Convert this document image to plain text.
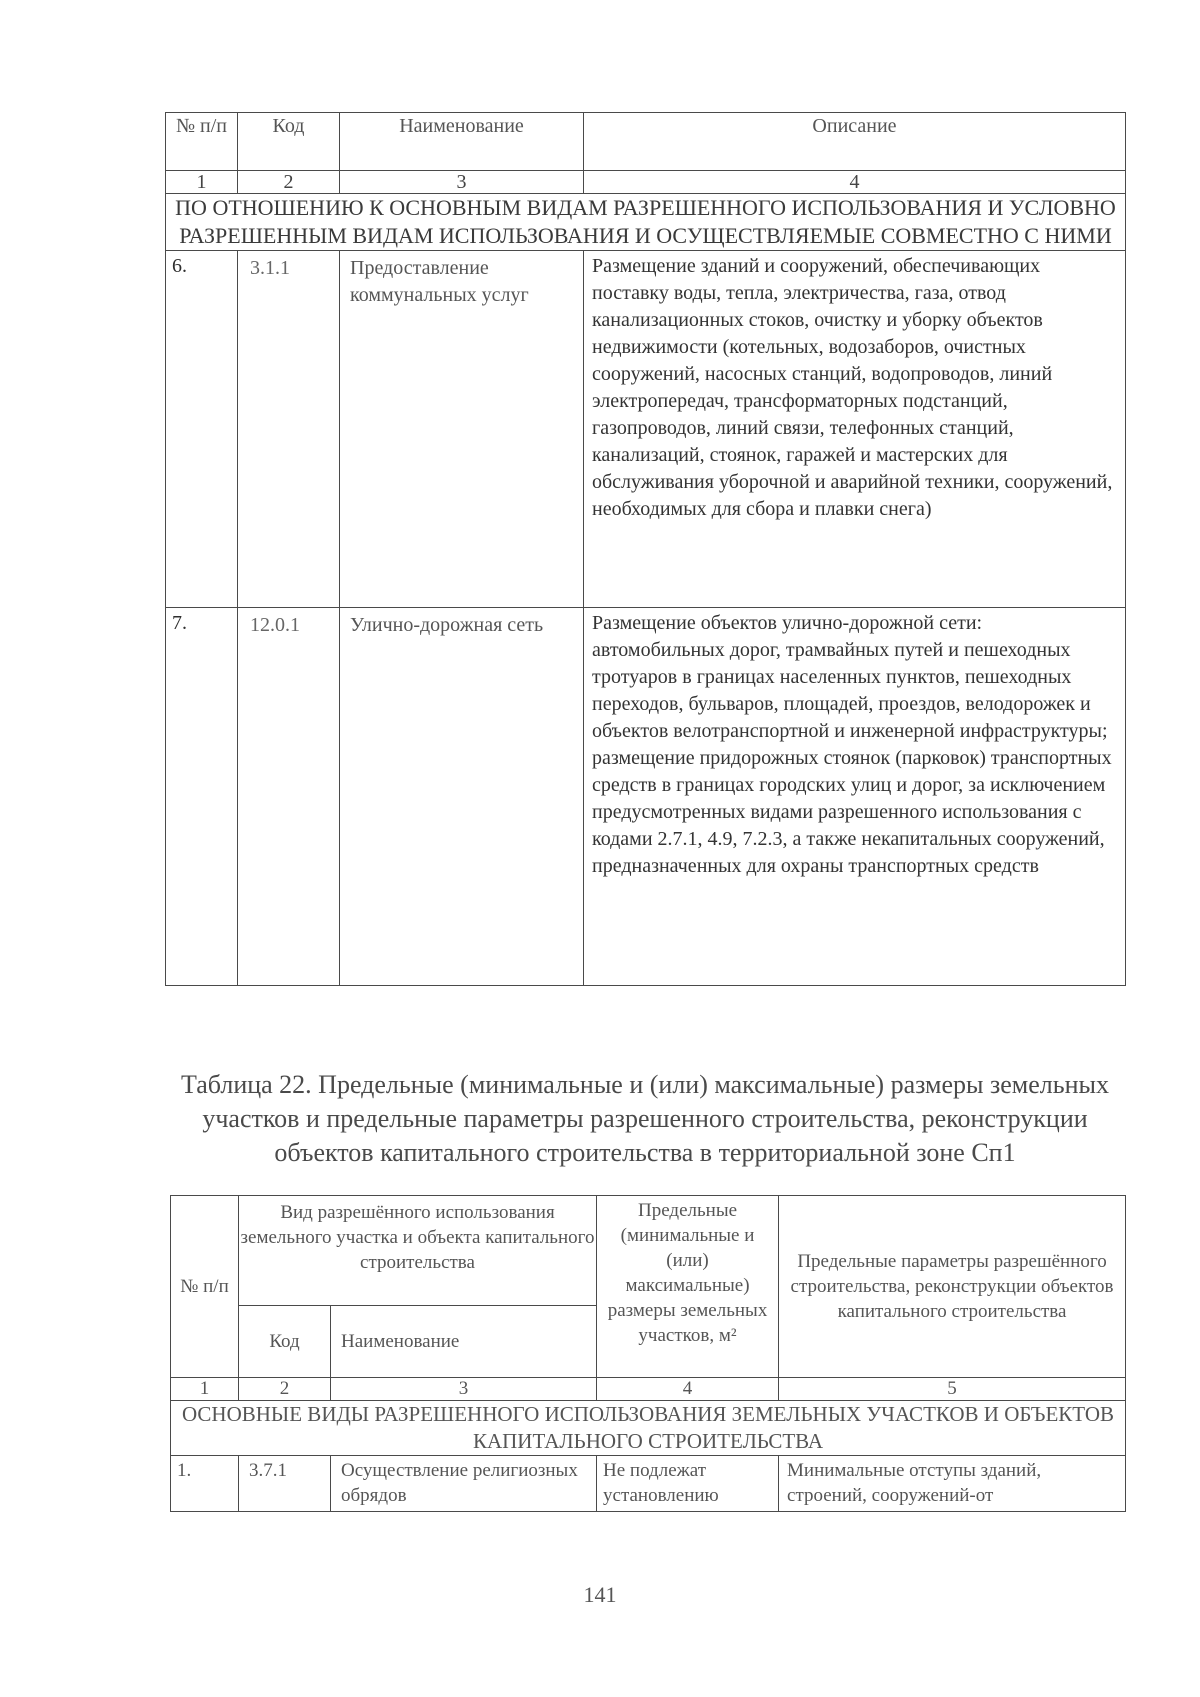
№ п/п	Код	Наименование	Описание
1	2	3	4
ПО ОТНОШЕНИЮ К ОСНОВНЫМ ВИДАМ РАЗРЕШЕННОГО ИСПОЛЬЗОВАНИЯ И УСЛОВНО РАЗРЕШЕННЫМ ВИДАМ ИСПОЛЬЗОВАНИЯ И ОСУЩЕСТВЛЯЕМЫЕ СОВМЕСТНО С НИМИ			
6.	3.1.1	Предоставление коммунальных услуг	Размещение зданий и сооружений, обеспечивающих поставку воды, тепла, электричества, газа, отвод канализационных стоков, очистку и уборку объектов недвижимости (котельных, водозаборов, очистных сооружений, насосных станций, водопроводов, линий электропередач, трансформаторных подстанций, газопроводов, линий связи, телефонных станций, канализаций, стоянок, гаражей и мастерских для обслуживания уборочной и аварийной техники, сооружений, необходимых для сбора и плавки снега)
7.	12.0.1	Улично-дорожная сеть	Размещение объектов улично-дорожной сети: автомобильных дорог, трамвайных путей и пешеходных тротуаров в границах населенных пунктов, пешеходных переходов, бульваров, площадей, проездов, велодорожек и объектов велотранспортной и инженерной инфраструктуры; размещение придорожных стоянок (парковок) транспортных средств в границах городских улиц и дорог, за исключением предусмотренных видами разрешенного использования с кодами 2.7.1, 4.9, 7.2.3, а также некапитальных сооружений, предназначенных для охраны транспортных средств
Таблица 22. Предельные (минимальные и (или) максимальные) размеры земельных участков и предельные параметры разрешенного строительства, реконструкции объектов капитального строительства в территориальной зоне Сп1
№ п/п	Вид разрешённого использования земельного участка и объекта капитального строительства		Предельные (минимальные и (или) максимальные) размеры земельных участков, м²	Предельные параметры разрешённого строительства, реконструкции объектов капитального строительства
	Код	Наименование		
1	2	3	4	5
ОСНОВНЫЕ ВИДЫ РАЗРЕШЕННОГО ИСПОЛЬЗОВАНИЯ ЗЕМЕЛЬНЫХ УЧАСТКОВ И ОБЪЕКТОВ КАПИТАЛЬНОГО СТРОИТЕЛЬСТВА				
1.	3.7.1	Осуществление религиозных обрядов	Не подлежат установлению	Минимальные отступы зданий, строений, сооружений-от
141
